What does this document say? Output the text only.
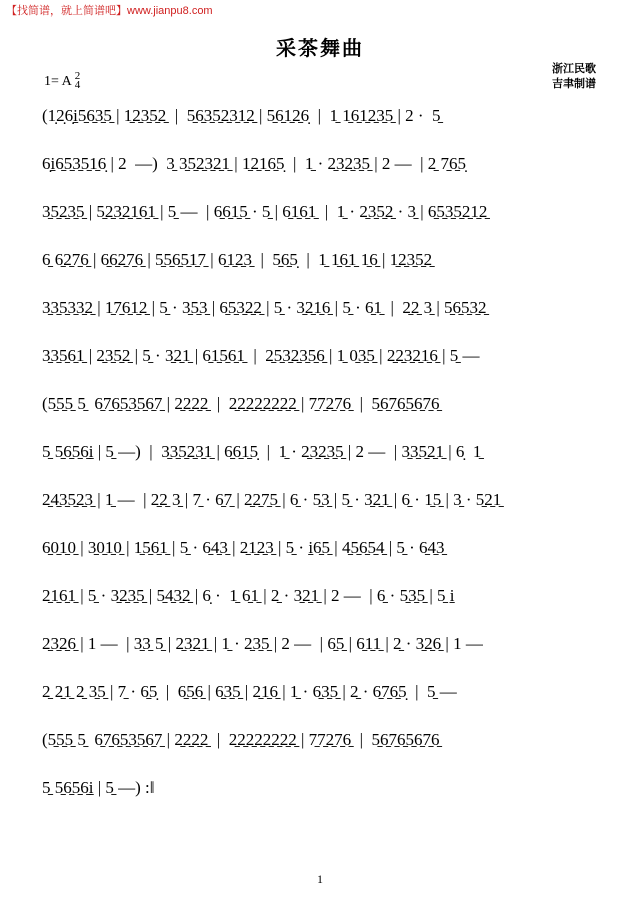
【找简谱，就上简谱吧】www.jianpu8.com
采茶舞曲
浙江民歌
吉聿制谱
1= A 2
4
(1̣2̣6̣i̱5̱6̱3̱5̱ | 1̱2̱3̱5̱2̱  |  5̱6̱3̱5̱2̱3̱1̱2̱ | 5̱6̱1̱2̱6̣  |  1̱ 1̱6̱1̱2̱3̱5̱ | 2 ·  5̱
6̣i̱6̱5̱3̱5̱1̱6̣ | 2  —)  3̱ 3̱5̱2̱3̱2̱1̱ | 1̱2̱1̱6̱5̣  |  1̱ · 2̱3̱2̱3̱5̱ | 2 —  | 2̱ 7̱6̱5̣
3̱5̱2̱3̱5̱ | 5̱2̱3̱2̱1̱6̱1̱ | 5̱ —  | 6̱6̱1̱5̱ · 5̱ | 6̱1̱6̱1̱  |  1̱ · 2̱3̱5̱2̱ · 3̱ | 6̱5̱3̱5̱2̱1̱2̱
6̱ 6̱2̱7̱6̱ | 6̱6̱2̱7̱6̱ | 5̱5̱6̱5̱1̱7̱ | 6̱1̱2̱3̱  |  5̱6̱5̣  |  1̱ 1̱6̱1̱ 1̱6̱ | 1̱2̱3̱5̱2̱
3̱3̱5̱3̱3̱2̱ | 1̱7̱6̱1̱2̱ | 5̱ · 3̱5̱3̱ | 6̱5̱3̱2̱2̱ | 5̱ · 3̱2̱1̱6̱ | 5̱ · 6̱1̱  |  2̱2̱ 3̱ | 5̱6̱5̱3̱2̱
3̱3̱5̱6̱1̱ | 2̱3̱5̱2̱ | 5̱ · 3̱2̱1̱ | 6̱1̱5̱6̱1̱  |  2̱5̱3̱2̱3̱5̱6̱ | 1̱ 0̱3̱5̱ | 2̱2̱3̱2̱1̱6̱ | 5̱ —
(5̱5̱5̱ 5̱  6̱7̱6̱5̱3̱5̱6̱7̱ | 2̱2̱2̱2̱  |  2̱2̱2̱2̱2̱2̱2̱2̱ | 7̱7̱2̱7̱6̱  |  5̱6̱7̱6̱5̱6̱7̱6̱
5̱ 5̱6̱5̱6̱i̱ | 5̱ —)  |  3̱3̱5̱2̱3̱1̱ | 6̱6̱1̱5̣  |  1̱ · 2̱3̱2̱3̱5̱ | 2 —  | 3̱3̱5̱2̱1̱ | 6̣  1̱
2̱4̱3̱5̱2̱3̱ | 1̱ —  | 2̱2̱ 3̱ | 7̱ · 6̱7̱ | 2̱2̱7̱5̱ | 6̱ · 5̱3̱ | 5̱ · 3̱2̱1̱ | 6̱ · 1̱5̱ | 3̱ · 5̱2̱1̱
6̱0̱1̱0̱ | 3̱0̱1̱0̱ | 1̱5̱6̱1̱ | 5̱ · 6̱4̱3̱ | 2̱1̱2̱3̱ | 5̱ · i̱6̱5̱ | 4̱5̱6̱5̱4̱ | 5̱ · 6̱4̱3̱
2̱1̱6̱1̱ | 5̱ · 3̱2̱3̱5̱ | 5̱4̱3̱2̱ | 6̣ ·  1̱ 6̱1̱ | 2̱ · 3̱2̱1̱ | 2 —  | 6̱ · 5̱3̱5̱ | 5̱ i̱
2̱3̱2̱6̱ | 1 —  | 3̱3̱ 5̱ | 2̱3̱2̱1̱ | 1̱ · 2̱3̱5̱ | 2 —  | 6̱5̱ | 6̱1̱1̱ | 2̱ · 3̱2̱6̱ | 1 —
2̱ 2̱1̱ 2̱ 3̱5̱ | 7̱ · 6̱5̣  |  6̱5̱6̱ | 6̱3̱5̱ | 2̱1̱6̱ | 1̱ · 6̱3̱5̱ | 2̱ · 6̱7̱6̱5̣  |  5̱ —
(5̱5̱5̱ 5̱  6̱7̱6̱5̱3̱5̱6̱7̱ | 2̱2̱2̱2̱  |  2̱2̱2̱2̱2̱2̱2̱2̱ | 7̱7̱2̱7̱6̱  |  5̱6̱7̱6̱5̱6̱7̱6̱
5̱ 5̱6̱5̱6̱i̱ | 5̱ —) :‖
1
